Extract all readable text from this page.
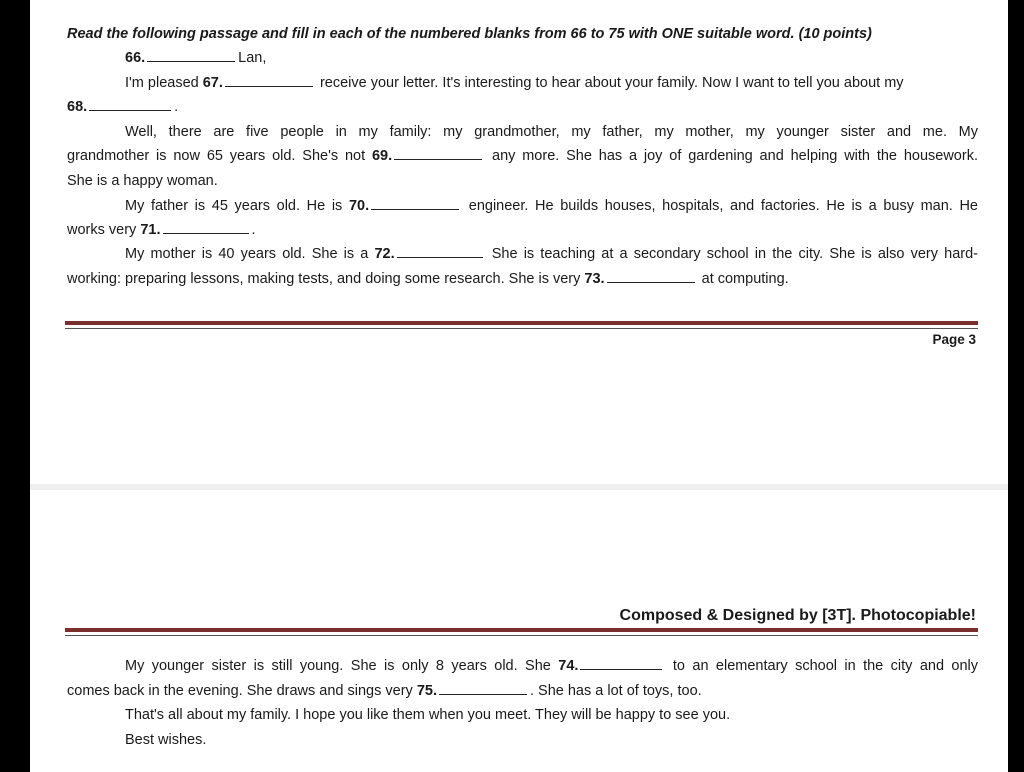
Read the following passage and fill in each of the numbered blanks from 66 to 75 with ONE suitable word. (10 points)
66.	Lan,
I'm pleased 67.	receive your letter. It's interesting to hear about your family. Now I want to tell you about my
68.	.
Well, there are five people in my family: my grandmother, my father, my mother, my younger sister and me. My
grandmother is now 65 years old. She's not 69.	any more. She has a joy of gardening and helping with the housework.
She is a happy woman.
My father is 45 years old. He is 70.	engineer. He builds houses, hospitals, and factories. He is a busy man. He
works very 71.	.
My mother is 40 years old. She is a 72.	She is teaching at a secondary school in the city. She is also very hard-
working: preparing lessons, making tests, and doing some research. She is very 73.	at computing.
Page 3
Composed & Designed by [3T]. Photocopiable!
My younger sister is still young. She is only 8 years old. She 74.	to an elementary school in the city and only
comes back in the evening. She draws and sings very 75.	. She has a lot of toys, too.
That's all about my family. I hope you like them when you meet. They will be happy to see you.
Best wishes.
